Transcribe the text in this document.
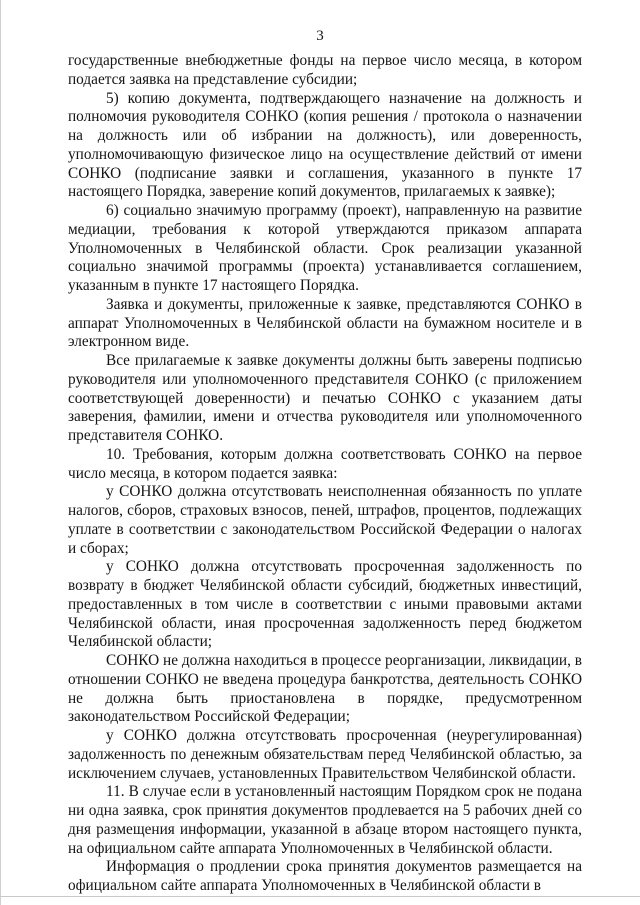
3

государственные внебюджетные фонды на первое число месяца, в котором подается заявка на представление субсидии;

5) копию документа, подтверждающего назначение на должность и полномочия руководителя СОНКО (копия решения / протокола о назначении на должность или об избрании на должность), или доверенность, уполномочивающую физическое лицо на осуществление действий от имени СОНКО (подписание заявки и соглашения, указанного в пункте 17 настоящего Порядка, заверение копий документов, прилагаемых к заявке);

6) социально значимую программу (проект), направленную на развитие медиации, требования к которой утверждаются приказом аппарата Уполномоченных в Челябинской области. Срок реализации указанной социально значимой программы (проекта) устанавливается соглашением, указанным в пункте 17 настоящего Порядка.

Заявка и документы, приложенные к заявке, представляются СОНКО в аппарат Уполномоченных в Челябинской области на бумажном носителе и в электронном виде.

Все прилагаемые к заявке документы должны быть заверены подписью руководителя или уполномоченного представителя СОНКО (с приложением соответствующей доверенности) и печатью СОНКО с указанием даты заверения, фамилии, имени и отчества руководителя или уполномоченного представителя СОНКО.

10. Требования, которым должна соответствовать СОНКО на первое число месяца, в котором подается заявка:

у СОНКО должна отсутствовать неисполненная обязанность по уплате налогов, сборов, страховых взносов, пеней, штрафов, процентов, подлежащих уплате в соответствии с законодательством Российской Федерации о налогах и сборах;

у СОНКО должна отсутствовать просроченная задолженность по возврату в бюджет Челябинской области субсидий, бюджетных инвестиций, предоставленных в том числе в соответствии с иными правовыми актами Челябинской области, иная просроченная задолженность перед бюджетом Челябинской области;

СОНКО не должна находиться в процессе реорганизации, ликвидации, в отношении СОНКО не введена процедура банкротства, деятельность СОНКО не должна быть приостановлена в порядке, предусмотренном законодательством Российской Федерации;

у СОНКО должна отсутствовать просроченная (неурегулированная) задолженность по денежным обязательствам перед Челябинской областью, за исключением случаев, установленных Правительством Челябинской области.

11. В случае если в установленный настоящим Порядком срок не подана ни одна заявка, срок принятия документов продлевается на 5 рабочих дней со дня размещения информации, указанной в абзаце втором настоящего пункта, на официальном сайте аппарата Уполномоченных в Челябинской области.

Информация о продлении срока принятия документов размещается на официальном сайте аппарата Уполномоченных в Челябинской области в
